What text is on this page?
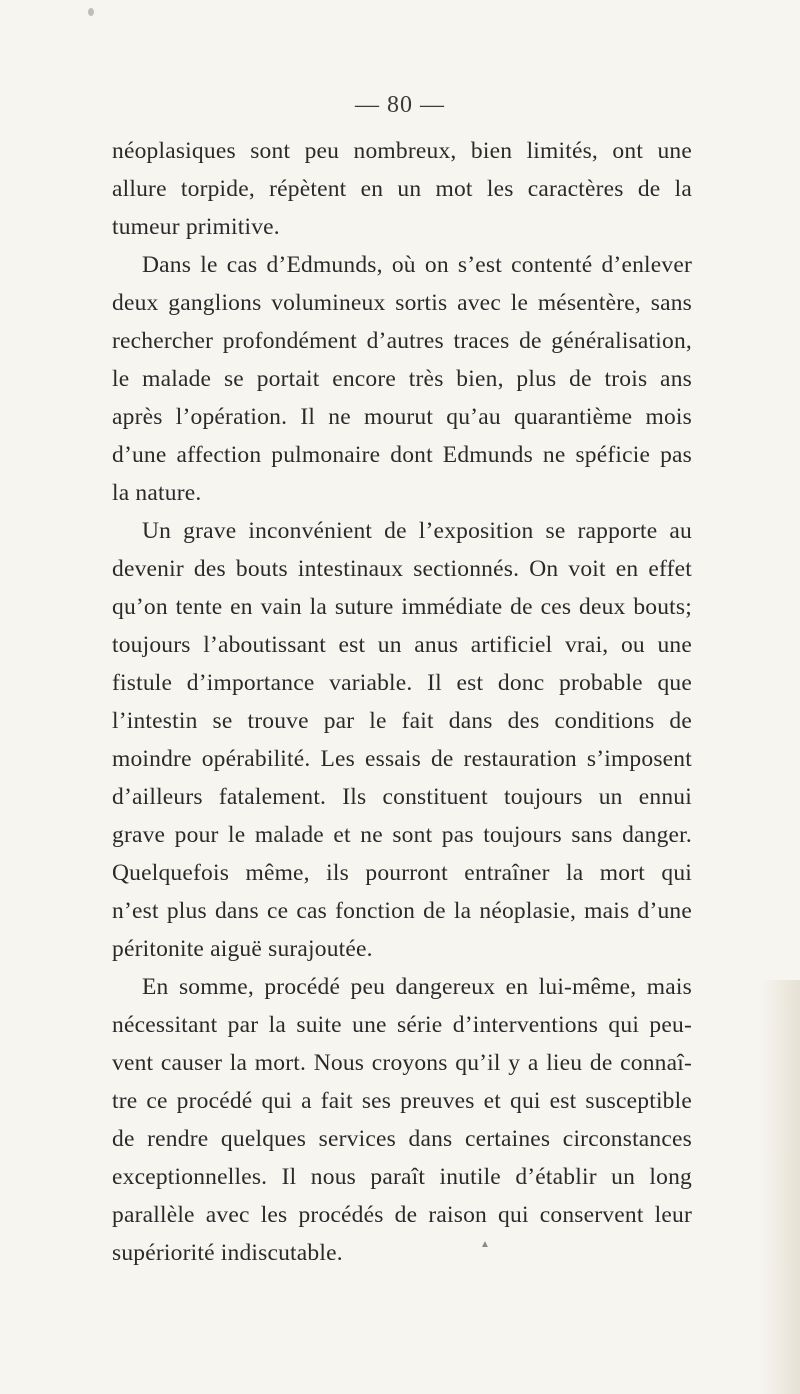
— 80 —
néoplasiques sont peu nombreux, bien limités, ont une
allure torpide, répètent en un mot les caractères de la
tumeur primitive.
Dans le cas d’Edmunds, où on s’est contenté d’enlever
deux ganglions volumineux sortis avec le mésentère, sans
rechercher profondément d’autres traces de généralisation,
le malade se portait encore très bien, plus de trois ans
après l’opération. Il ne mourut qu’au quarantième mois
d’une affection pulmonaire dont Edmunds ne spéficie pas
la nature.
Un grave inconvénient de l’exposition se rapporte au
devenir des bouts intestinaux sectionnés. On voit en effet
qu’on tente en vain la suture immédiate de ces deux bouts;
toujours l’aboutissant est un anus artificiel vrai, ou une
fistule d’importance variable. Il est donc probable que
l’intestin se trouve par le fait dans des conditions de
moindre opérabilité. Les essais de restauration s’imposent
d’ailleurs fatalement. Ils constituent toujours un ennui
grave pour le malade et ne sont pas toujours sans danger.
Quelquefois même, ils pourront entraîner la mort qui
n’est plus dans ce cas fonction de la néoplasie, mais d’une
péritonite aiguë surajoutée.
En somme, procédé peu dangereux en lui-même, mais
nécessitant par la suite une série d’interventions qui peu-
vent causer la mort. Nous croyons qu’il y a lieu de connaî-
tre ce procédé qui a fait ses preuves et qui est susceptible
de rendre quelques services dans certaines circonstances
exceptionnelles. Il nous paraît inutile d’établir un long
parallèle avec les procédés de raison qui conservent leur
supériorité indiscutable.	▲
